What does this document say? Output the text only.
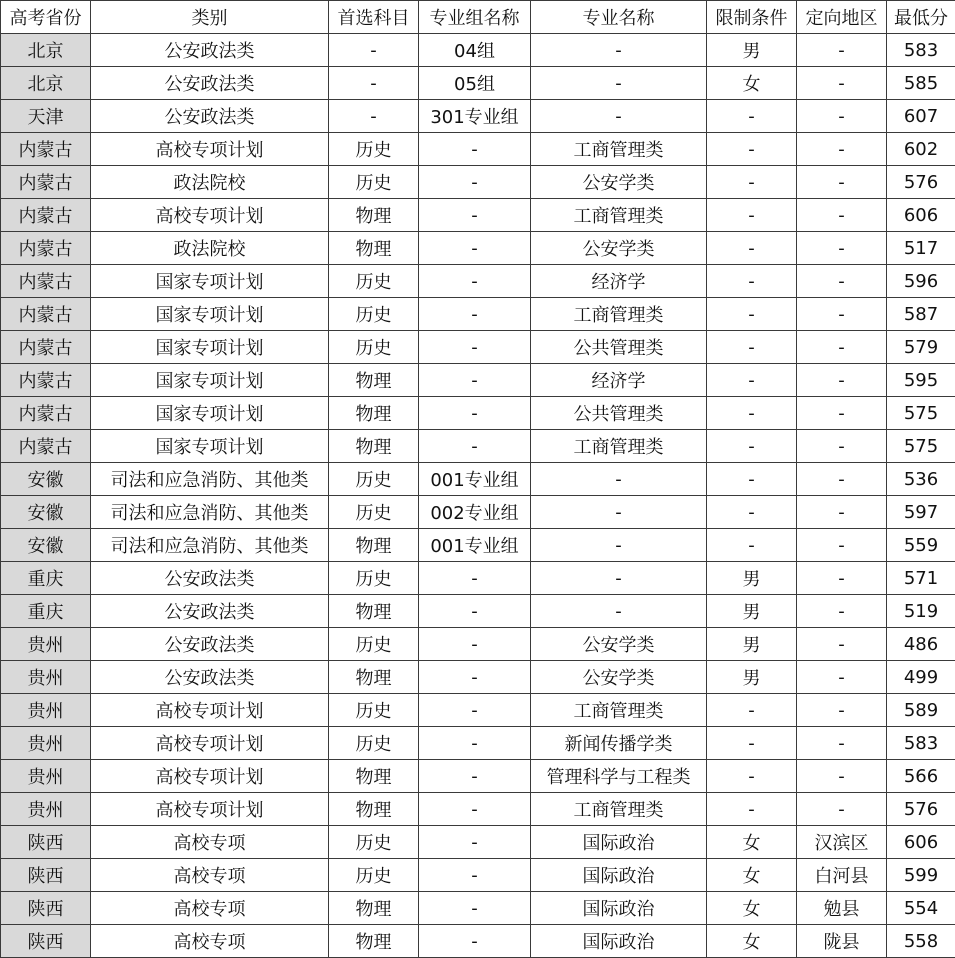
高考省份	类别	首选科目	专业组名称	专业名称	限制条件	定向地区	最低分
北京	公安政法类	-	04组	-	男	-	583
北京	公安政法类	-	05组	-	女	-	585
天津	公安政法类	-	301专业组	-	-	-	607
内蒙古	高校专项计划	历史	-	工商管理类	-	-	602
内蒙古	政法院校	历史	-	公安学类	-	-	576
内蒙古	高校专项计划	物理	-	工商管理类	-	-	606
内蒙古	政法院校	物理	-	公安学类	-	-	517
内蒙古	国家专项计划	历史	-	经济学	-	-	596
内蒙古	国家专项计划	历史	-	工商管理类	-	-	587
内蒙古	国家专项计划	历史	-	公共管理类	-	-	579
内蒙古	国家专项计划	物理	-	经济学	-	-	595
内蒙古	国家专项计划	物理	-	公共管理类	-	-	575
内蒙古	国家专项计划	物理	-	工商管理类	-	-	575
安徽	司法和应急消防、其他类	历史	001专业组	-	-	-	536
安徽	司法和应急消防、其他类	历史	002专业组	-	-	-	597
安徽	司法和应急消防、其他类	物理	001专业组	-	-	-	559
重庆	公安政法类	历史	-	-	男	-	571
重庆	公安政法类	物理	-	-	男	-	519
贵州	公安政法类	历史	-	公安学类	男	-	486
贵州	公安政法类	物理	-	公安学类	男	-	499
贵州	高校专项计划	历史	-	工商管理类	-	-	589
贵州	高校专项计划	历史	-	新闻传播学类	-	-	583
贵州	高校专项计划	物理	-	管理科学与工程类	-	-	566
贵州	高校专项计划	物理	-	工商管理类	-	-	576
陕西	高校专项	历史	-	国际政治	女	汉滨区	606
陕西	高校专项	历史	-	国际政治	女	白河县	599
陕西	高校专项	物理	-	国际政治	女	勉县	554
陕西	高校专项	物理	-	国际政治	女	陇县	558
